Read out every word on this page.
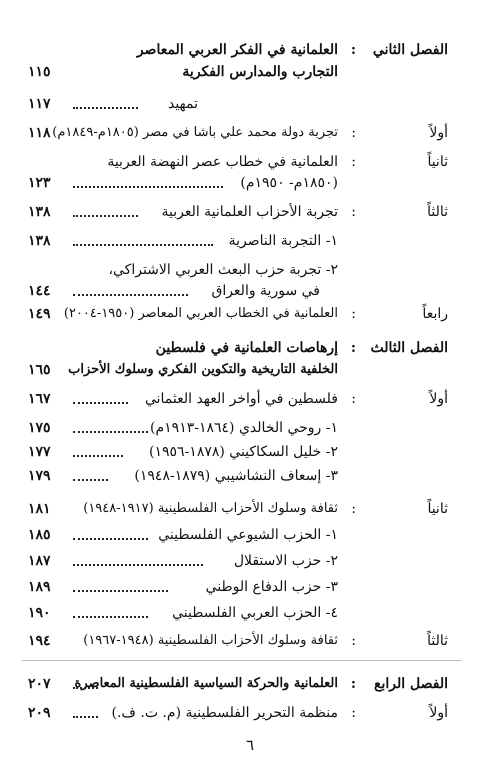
الفصل الثاني
:
العلمانية في الفكر العربي المعاصر
التجارب والمدارس الفكرية
١١٥
تمهيد
١١٧
أولاً
:
تجربة دولة محمد علي باشا في مصر (١٨٠٥م-١٨٤٩م)
١١٨
ثانياً
:
العلمانية في خطاب عصر النهضة العربية
(١٨٥٠م- ١٩٥٠م)
١٢٣
ثالثاً
:
تجربة الأحزاب العلمانية العربية
١٣٨
١- التجربة الناصرية
١٣٨
٢- تجربة حزب البعث العربي الاشتراكي،
في سورية والعراق
١٤٤
رابعاً
:
العلمانية في الخطاب العربي المعاصر (١٩٥٠-٢٠٠٤)
١٤٩
الفصل الثالث
:
إرهاصات العلمانية في فلسطين
الخلفية التاريخية والتكوين الفكري وسلوك الأحزاب
١٦٥
أولاً
:
فلسطين في أواخر العهد العثماني
١٦٧
١- روحي الخالدي (١٨٦٤-١٩١٣م)
١٧٥
٢- خليل السكاكيني (١٨٧٨-١٩٥٦)
١٧٧
٣- إسعاف النشاشيبي (١٨٧٩-١٩٤٨)
١٧٩
ثانياً
:
ثقافة وسلوك الأحزاب الفلسطينية (١٩١٧-١٩٤٨)
١٨١
١- الحزب الشيوعي الفلسطيني
١٨٥
٢- حزب الاستقلال
١٨٧
٣- حزب الدفاع الوطني
١٨٩
٤- الحزب العربي الفلسطيني
١٩٠
ثالثاً
:
ثقافة وسلوك الأحزاب الفلسطينية (١٩٤٨-١٩٦٧)
١٩٤
الفصل الرابع
:
العلمانية والحركة السياسية الفلسطينية المعاصرة
٢٠٧
أولاً
:
منظمة التحرير الفلسطينية (م. ت. ف.)
٢٠٩
٦
